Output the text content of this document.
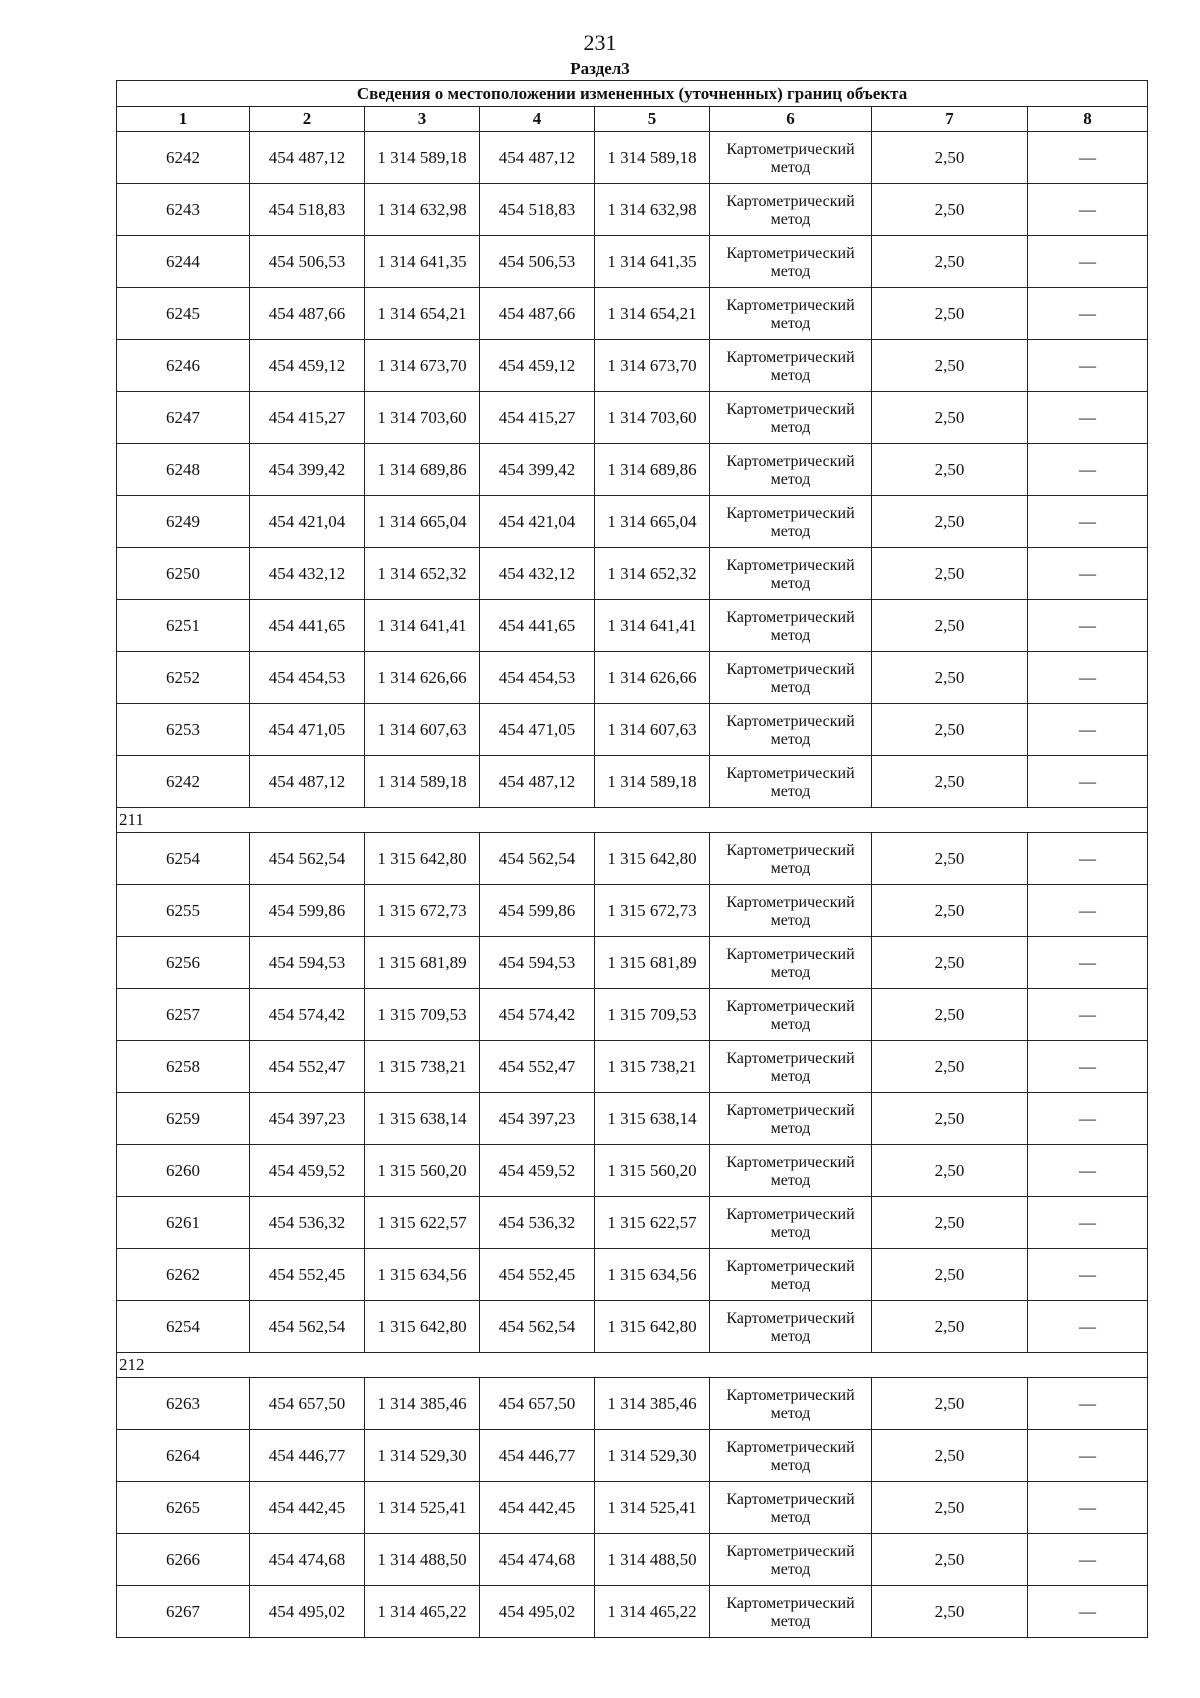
231
Раздел3
Сведения о местоположении измененных (уточненных) границ объекта							
1	2	3	4	5	6	7	8
6242	454 487,12	1 314 589,18	454 487,12	1 314 589,18	Картометрический метод	2,50	—
6243	454 518,83	1 314 632,98	454 518,83	1 314 632,98	Картометрический метод	2,50	—
6244	454 506,53	1 314 641,35	454 506,53	1 314 641,35	Картометрический метод	2,50	—
6245	454 487,66	1 314 654,21	454 487,66	1 314 654,21	Картометрический метод	2,50	—
6246	454 459,12	1 314 673,70	454 459,12	1 314 673,70	Картометрический метод	2,50	—
6247	454 415,27	1 314 703,60	454 415,27	1 314 703,60	Картометрический метод	2,50	—
6248	454 399,42	1 314 689,86	454 399,42	1 314 689,86	Картометрический метод	2,50	—
6249	454 421,04	1 314 665,04	454 421,04	1 314 665,04	Картометрический метод	2,50	—
6250	454 432,12	1 314 652,32	454 432,12	1 314 652,32	Картометрический метод	2,50	—
6251	454 441,65	1 314 641,41	454 441,65	1 314 641,41	Картометрический метод	2,50	—
6252	454 454,53	1 314 626,66	454 454,53	1 314 626,66	Картометрический метод	2,50	—
6253	454 471,05	1 314 607,63	454 471,05	1 314 607,63	Картометрический метод	2,50	—
6242	454 487,12	1 314 589,18	454 487,12	1 314 589,18	Картометрический метод	2,50	—
211							
6254	454 562,54	1 315 642,80	454 562,54	1 315 642,80	Картометрический метод	2,50	—
6255	454 599,86	1 315 672,73	454 599,86	1 315 672,73	Картометрический метод	2,50	—
6256	454 594,53	1 315 681,89	454 594,53	1 315 681,89	Картометрический метод	2,50	—
6257	454 574,42	1 315 709,53	454 574,42	1 315 709,53	Картометрический метод	2,50	—
6258	454 552,47	1 315 738,21	454 552,47	1 315 738,21	Картометрический метод	2,50	—
6259	454 397,23	1 315 638,14	454 397,23	1 315 638,14	Картометрический метод	2,50	—
6260	454 459,52	1 315 560,20	454 459,52	1 315 560,20	Картометрический метод	2,50	—
6261	454 536,32	1 315 622,57	454 536,32	1 315 622,57	Картометрический метод	2,50	—
6262	454 552,45	1 315 634,56	454 552,45	1 315 634,56	Картометрический метод	2,50	—
6254	454 562,54	1 315 642,80	454 562,54	1 315 642,80	Картометрический метод	2,50	—
212							
6263	454 657,50	1 314 385,46	454 657,50	1 314 385,46	Картометрический метод	2,50	—
6264	454 446,77	1 314 529,30	454 446,77	1 314 529,30	Картометрический метод	2,50	—
6265	454 442,45	1 314 525,41	454 442,45	1 314 525,41	Картометрический метод	2,50	—
6266	454 474,68	1 314 488,50	454 474,68	1 314 488,50	Картометрический метод	2,50	—
6267	454 495,02	1 314 465,22	454 495,02	1 314 465,22	Картометрический метод	2,50	—
